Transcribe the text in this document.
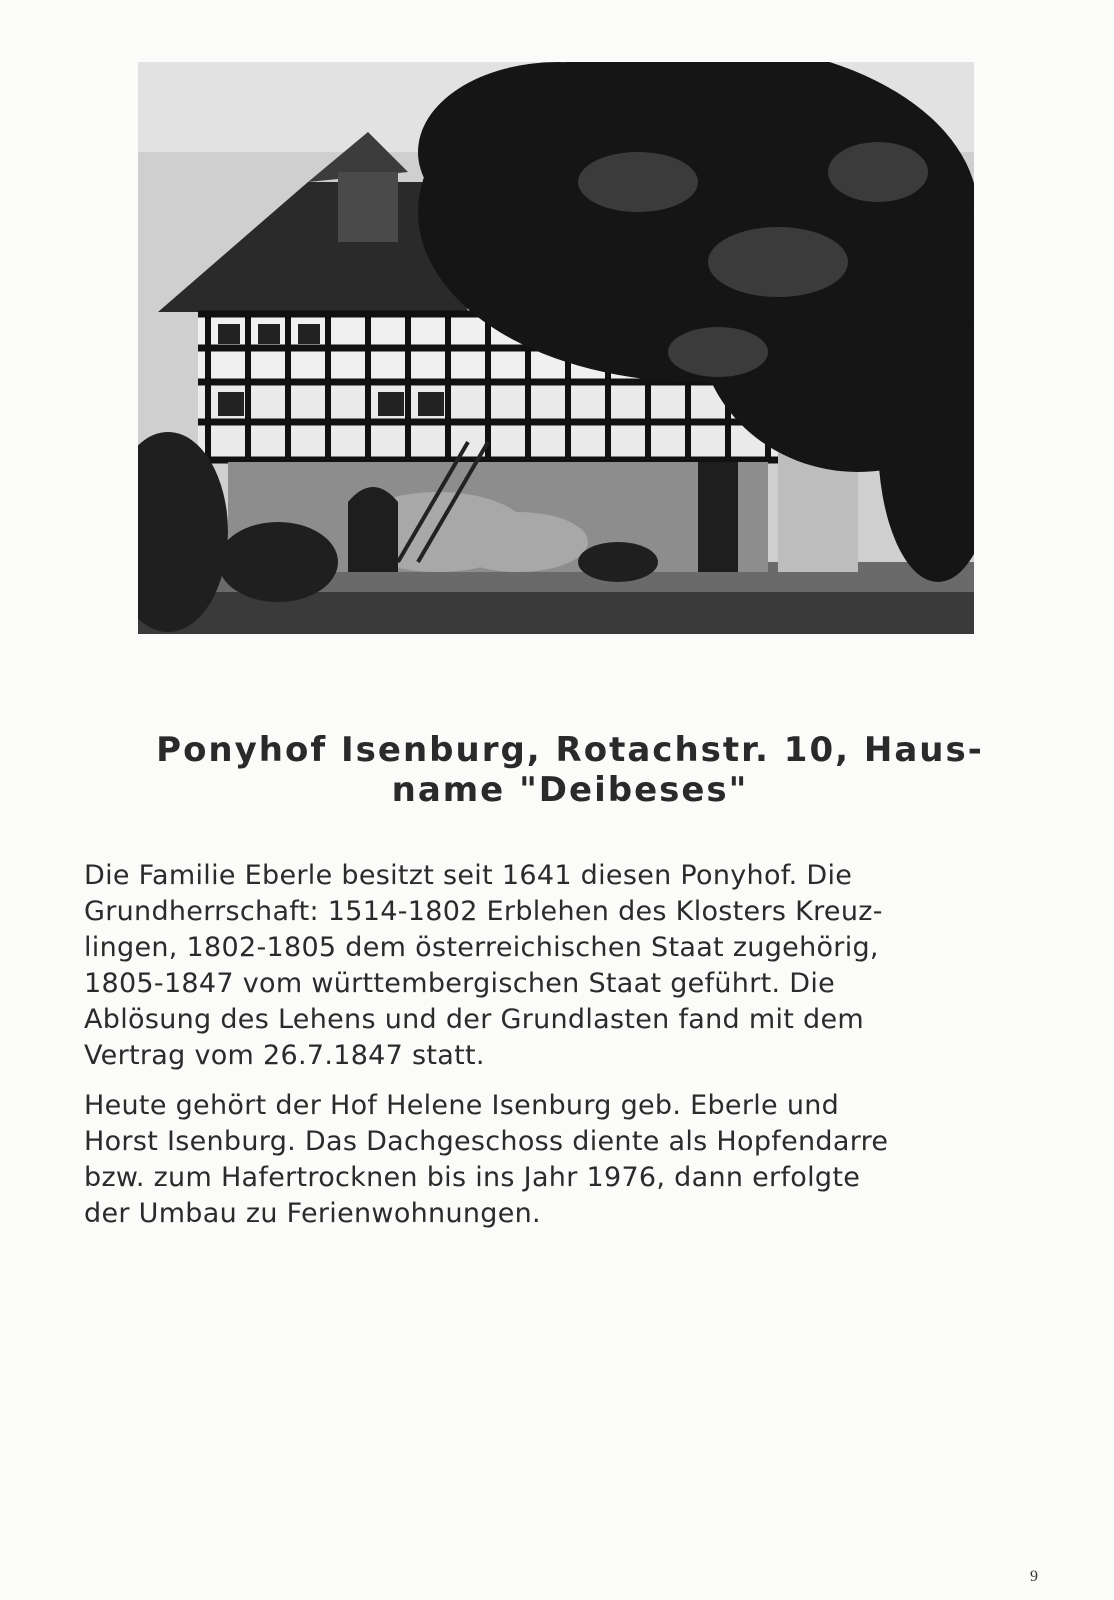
Ponyhof Isenburg, Rotachstr. 10, Haus-
name "Deibeses"

Die Familie Eberle besitzt seit 1641 diesen Ponyhof. Die
Grundherrschaft: 1514-1802 Erblehen des Klosters Kreuz-
lingen, 1802-1805 dem österreichischen Staat zugehörig,
1805-1847 vom württembergischen Staat geführt. Die
Ablösung des Lehens und der Grundlasten fand mit dem
Vertrag vom 26.7.1847 statt.

Heute gehört der Hof Helene Isenburg geb. Eberle und
Horst Isenburg. Das Dachgeschoss diente als Hopfendarre
bzw. zum Hafertrocknen bis ins Jahr 1976, dann erfolgte
der Umbau zu Ferienwohnungen.

9
